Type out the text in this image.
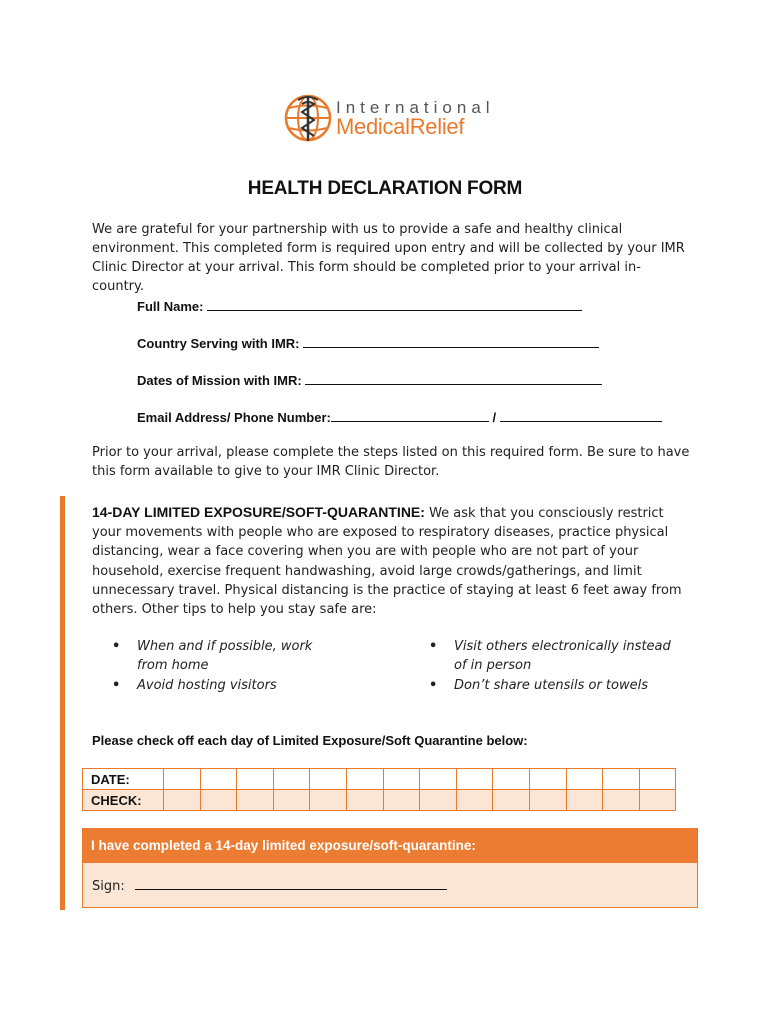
International
MedicalRelief
HEALTH DECLARATION FORM
We are grateful for your partnership with us to provide a safe and healthy clinical environment. This completed form is required upon entry and will be collected by your IMR Clinic Director at your arrival. This form should be completed prior to your arrival in-country.
Full Name:
Country Serving with IMR:
Dates of Mission with IMR:
Email Address/ Phone Number:	/
Prior to your arrival, please complete the steps listed on this required form. Be sure to have this form available to give to your IMR Clinic Director.
14-DAY LIMITED EXPOSURE/SOFT-QUARANTINE: We ask that you consciously restrict your movements with people who are exposed to respiratory diseases, practice physical distancing, wear a face covering when you are with people who are not part of your household, exercise frequent handwashing, avoid large crowds/gatherings, and limit unnecessary travel. Physical distancing is the practice of staying at least 6 feet away from others. Other tips to help you stay safe are:
• When and if possible, work from home
• Avoid hosting visitors
• Visit others electronically instead of in person
• Don’t share utensils or towels
Please check off each day of Limited Exposure/Soft Quarantine below:
DATE:														
CHECK:														
I have completed a 14-day limited exposure/soft-quarantine:
Sign:
